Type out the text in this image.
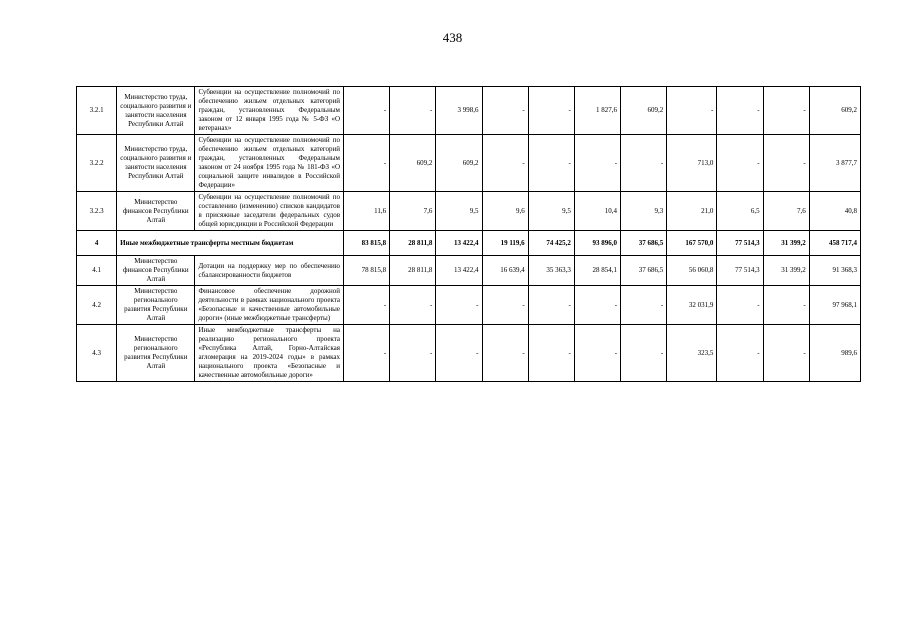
438
3.2.1	Министерство труда, социального развития и занятости населения Республики Алтай	Субвенции на осуществление полномочий по обеспечению жильем отдельных категорий граждан, установленных Федеральным законом от 12 января 1995 года № 5-ФЗ «О ветеранах»	-	-	3 998,6	-	-	1 827,6	609,2	-	-	-	609,2
3.2.2	Министерство труда, социального развития и занятости населения Республики Алтай	Субвенции на осуществление полномочий по обеспечению жильем отдельных категорий граждан, установленных Федеральным законом от 24 ноября 1995 года № 181-ФЗ «О социальной защите инвалидов в Российской Федерации»	-	609,2	609,2	-	-	-	-	713,0	-	-	3 877,7
3.2.3	Министерство финансов Республики Алтай	Субвенции на осуществление полномочий по составлению (изменению) списков кандидатов в присяжные заседатели федеральных судов общей юрисдикции в Российской Федерации	11,6	7,6	9,5	9,6	9,5	10,4	9,3	21,0	6,5	7,6	40,8
4	Иные межбюджетные трансферты местным бюджетам		83 815,8	28 811,8	13 422,4	19 119,6	74 425,2	93 896,0	37 686,5	167 570,0	77 514,3	31 399,2	458 717,4
4.1	Министерство финансов Республики Алтай	Дотации на поддержку мер по обеспечению сбалансированности бюджетов	78 815,8	28 811,8	13 422,4	16 639,4	35 363,3	28 854,1	37 686,5	56 060,8	77 514,3	31 399,2	91 368,3
4.2	Министерство регионального развития Республики Алтай	Финансовое обеспечение дорожной деятельности в рамках национального проекта «Безопасные и качественные автомобильные дороги» (иные межбюджетные трансферты)	-	-	-	-	-	-	-	32 031,9	-	-	97 968,1
4.3	Министерство регионального развития Республики Алтай	Иные межбюджетные трансферты на реализацию регионального проекта «Республика Алтай, Горно-Алтайская агломерация на 2019-2024 годы» в рамках национального проекта «Безопасные и качественные автомобильные дороги»	-	-	-	-	-	-	-	323,5	-	-	989,6
